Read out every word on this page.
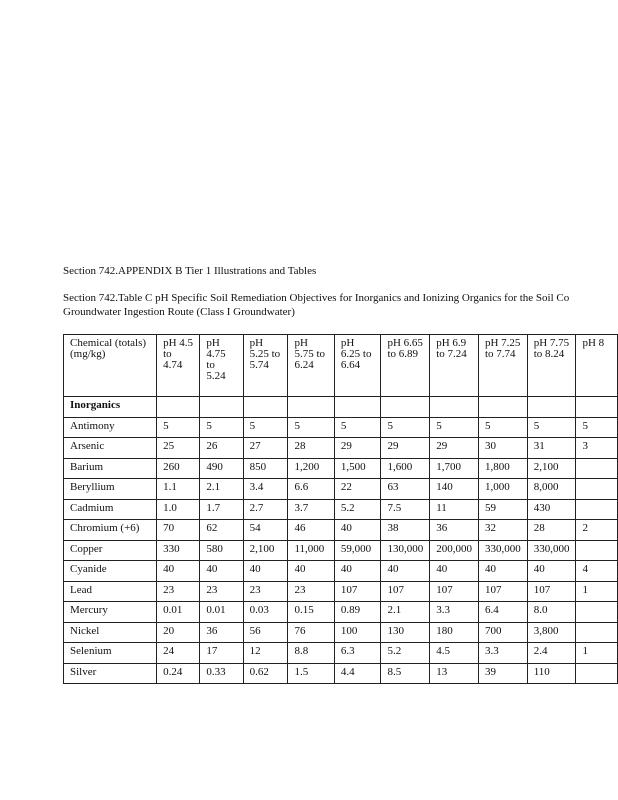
Section 742.APPENDIX B Tier 1 Illustrations and Tables
Section 742.Table C pH Specific Soil Remediation Objectives for Inorganics and Ionizing Organics for the Soil Co
Groundwater Ingestion Route (Class I Groundwater)
Chemical (totals) (mg/kg)	pH 4.5 to 4.74	pH 4.75 to 5.24	pH 5.25 to 5.74	pH 5.75 to 6.24	pH 6.25 to 6.64	pH 6.65 to 6.89	pH 6.9 to 7.24	pH 7.25 to 7.74	pH 7.75 to 8.24	pH 8
Inorganics										
Antimony	5	5	5	5	5	5	5	5	5	5
Arsenic	25	26	27	28	29	29	29	30	31	3
Barium	260	490	850	1,200	1,500	1,600	1,700	1,800	2,100	
Beryllium	1.1	2.1	3.4	6.6	22	63	140	1,000	8,000	
Cadmium	1.0	1.7	2.7	3.7	5.2	7.5	11	59	430	
Chromium (+6)	70	62	54	46	40	38	36	32	28	2
Copper	330	580	2,100	11,000	59,000	130,000	200,000	330,000	330,000	
Cyanide	40	40	40	40	40	40	40	40	40	4
Lead	23	23	23	23	107	107	107	107	107	1
Mercury	0.01	0.01	0.03	0.15	0.89	2.1	3.3	6.4	8.0	
Nickel	20	36	56	76	100	130	180	700	3,800	
Selenium	24	17	12	8.8	6.3	5.2	4.5	3.3	2.4	1
Silver	0.24	0.33	0.62	1.5	4.4	8.5	13	39	110	
